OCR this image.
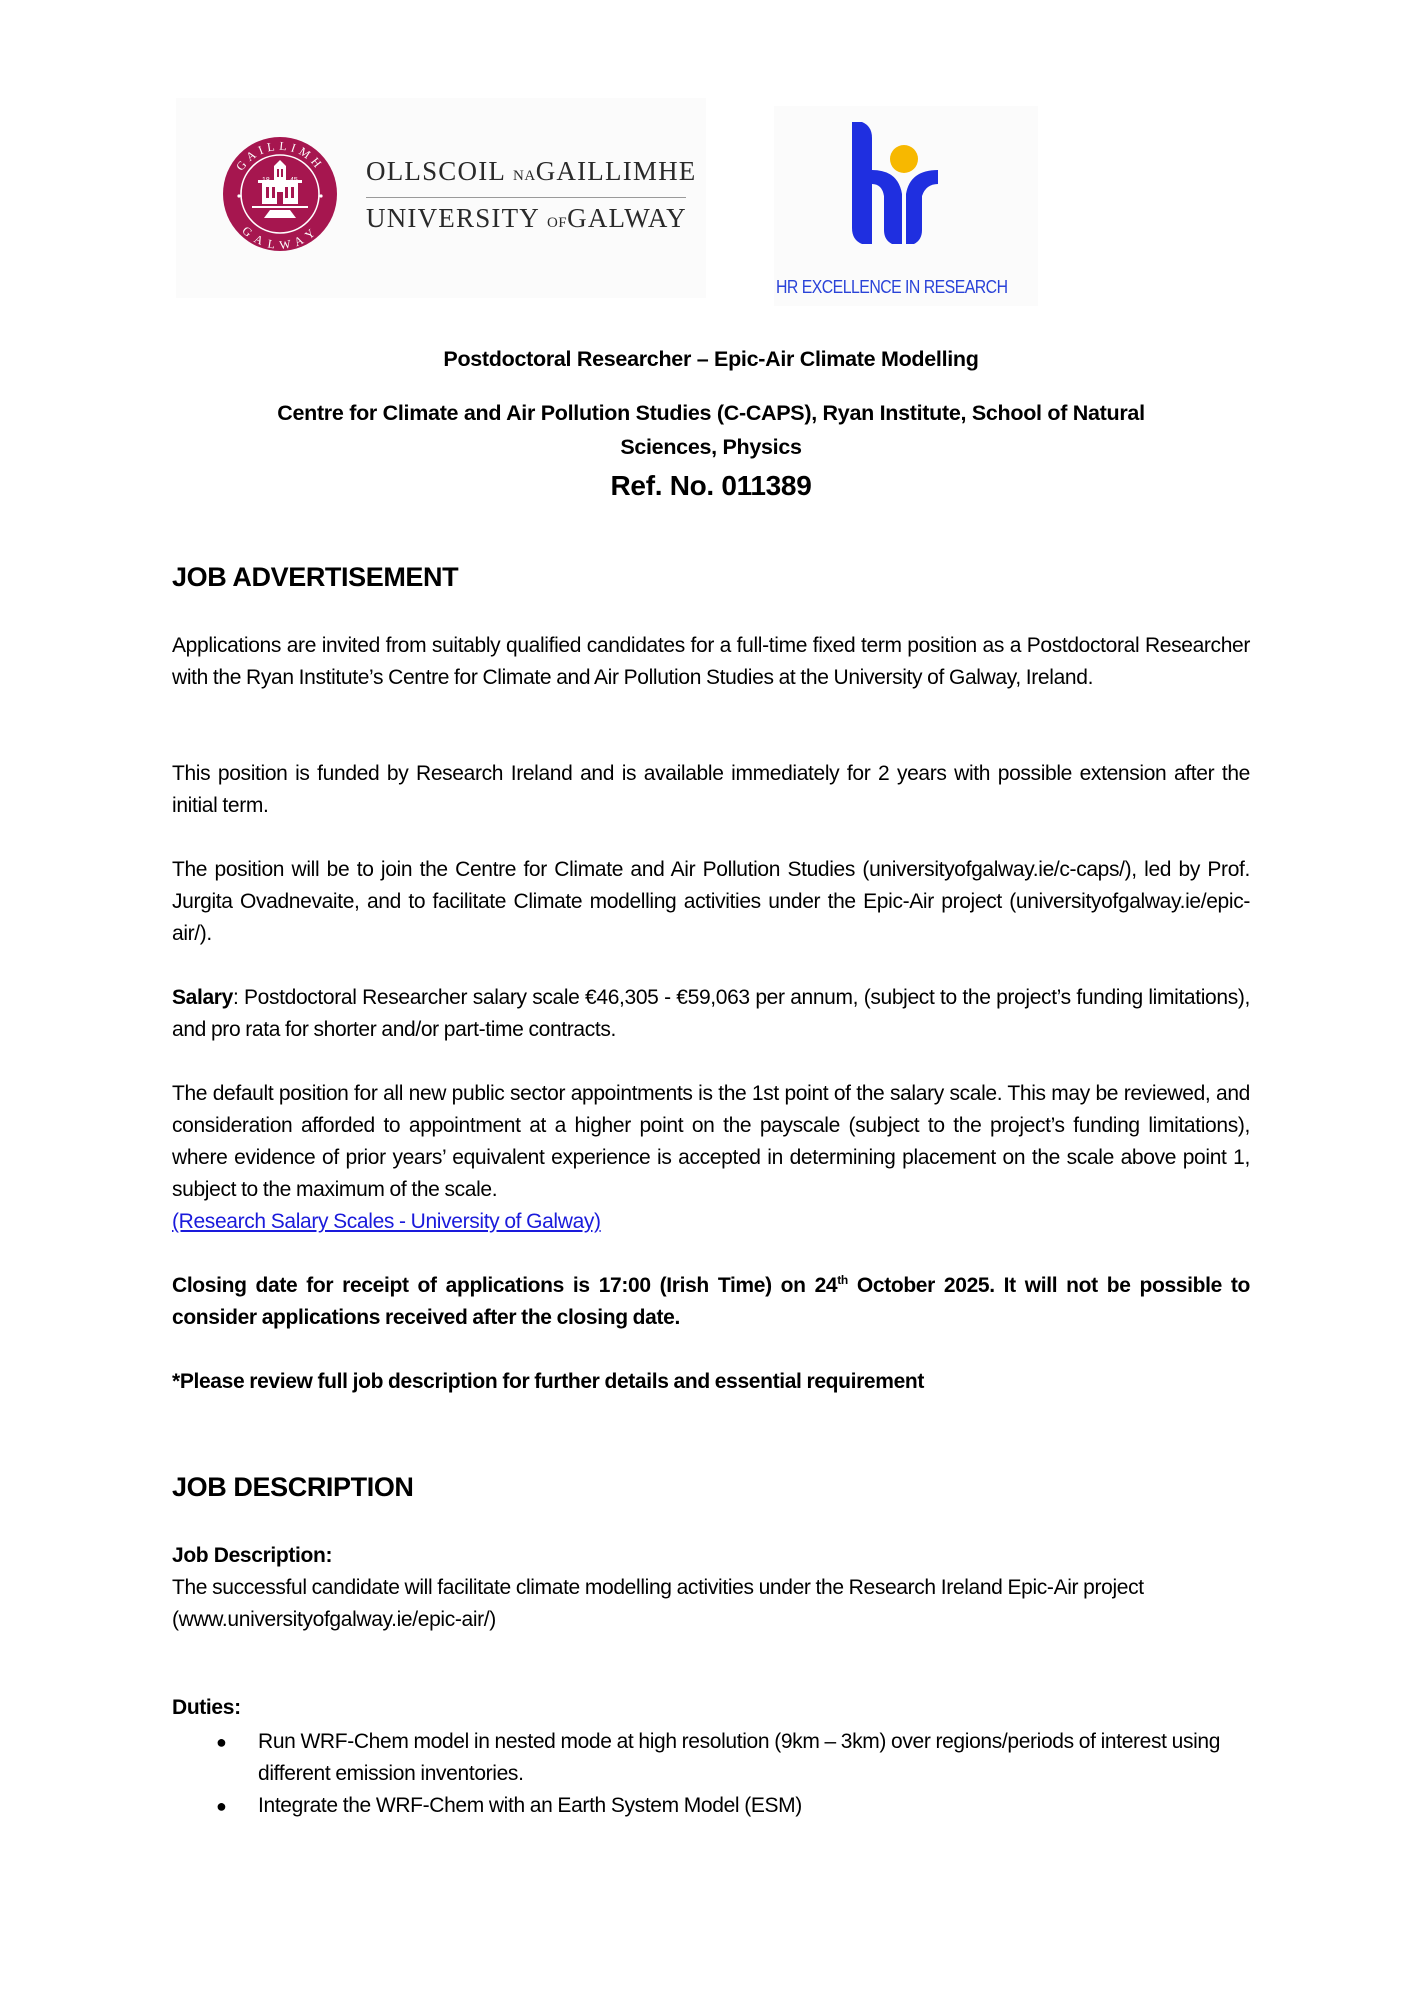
GAILLIMH
GALWAY
18	45	OLLSCOIL NAGAILLIMHE
UNIVERSITY OFGALWAY
HR EXCELLENCE IN RESEARCH
Postdoctoral Researcher – Epic-Air Climate Modelling
Centre for Climate and Air Pollution Studies (C-CAPS), Ryan Institute, School of Natural
Sciences, Physics
Ref. No. 011389
JOB ADVERTISEMENT
Applications are invited from suitably qualified candidates for a full-time fixed term position as a Postdoctoral Researcher with the Ryan Institute’s Centre for Climate and Air Pollution Studies at the University of Galway, Ireland.
This position is funded by Research Ireland and is available immediately for 2 years with possible extension after the initial term.
The position will be to join the Centre for Climate and Air Pollution Studies (universityofgalway.ie/c-caps/), led by Prof. Jurgita Ovadnevaite, and to facilitate Climate modelling activities under the Epic-Air project (universityofgalway.ie/epic-air/).
Salary: Postdoctoral Researcher salary scale €46,305 - €59,063 per annum, (subject to the project’s funding limitations), and pro rata for shorter and/or part-time contracts.
The default position for all new public sector appointments is the 1st point of the salary scale. This may be reviewed, and consideration afforded to appointment at a higher point on the payscale (subject to the project’s funding limitations), where evidence of prior years’ equivalent experience is accepted in determining placement on the scale above point 1, subject to the maximum of the scale.
(Research Salary Scales - University of Galway)
Closing date for receipt of applications is 17:00 (Irish Time) on 24th October 2025. It will not be possible to consider applications received after the closing date.
*Please review full job description for further details and essential requirement
JOB DESCRIPTION
Job Description:
The successful candidate will facilitate climate modelling activities under the Research Ireland Epic-Air project (www.universityofgalway.ie/epic-air/)
Duties:
● Run WRF-Chem model in nested mode at high resolution (9km – 3km) over regions/periods of interest using different emission inventories.
● Integrate the WRF-Chem with an Earth System Model (ESM)
